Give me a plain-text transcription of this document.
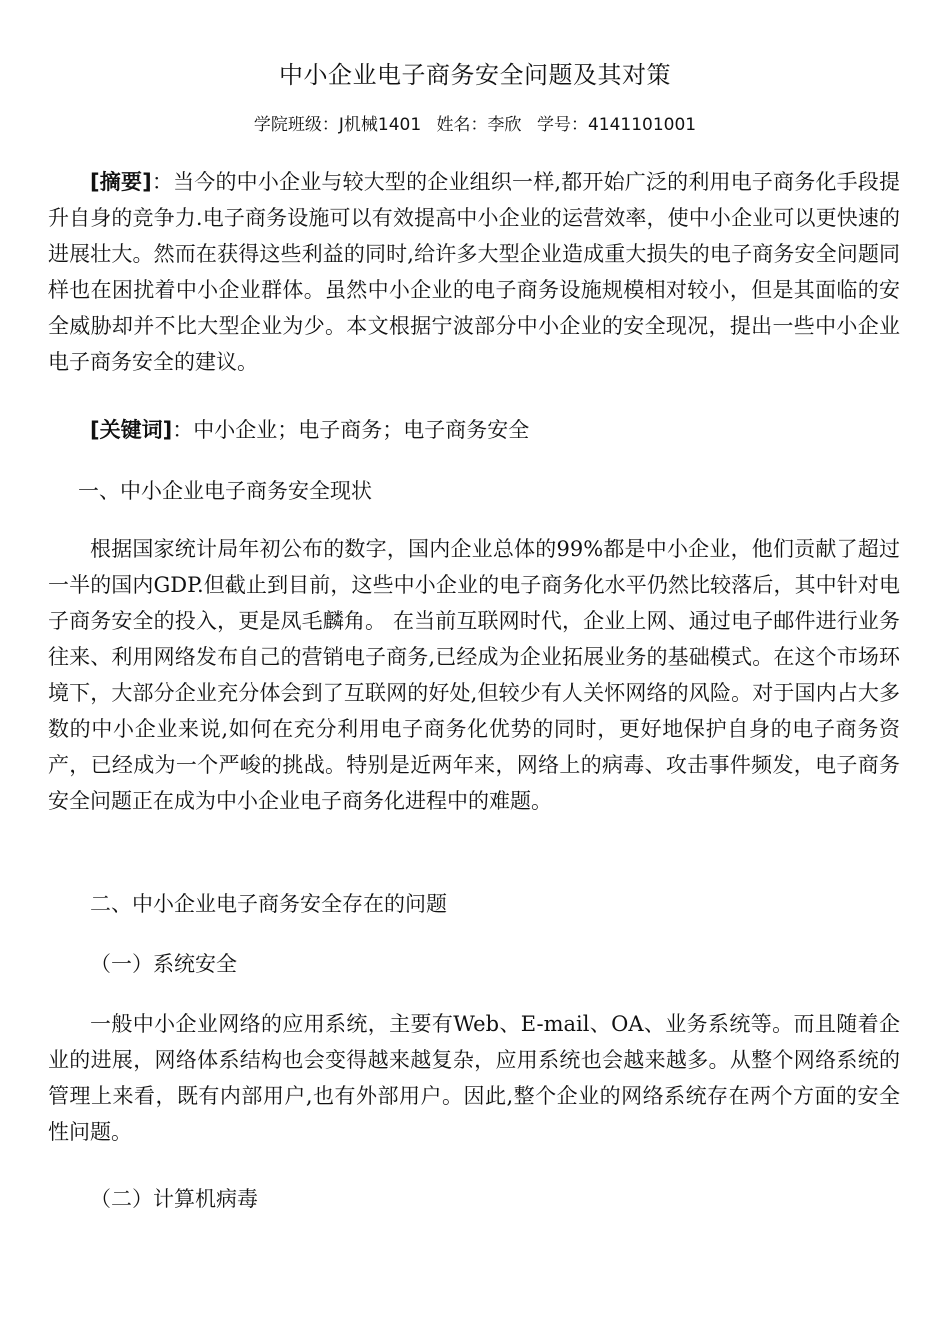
中小企业电子商务安全问题及其对策
学院班级：J机械1401 姓名：李欣 学号：4141101001
[摘要]：当今的中小企业与较大型的企业组织一样,都开始广泛的利用电子商务化手段提升自身的竞争力.电子商务设施可以有效提高中小企业的运营效率，使中小企业可以更快速的进展壮大。然而在获得这些利益的同时,给许多大型企业造成重大损失的电子商务安全问题同样也在困扰着中小企业群体。虽然中小企业的电子商务设施规模相对较小，但是其面临的安全威胁却并不比大型企业为少。本文根据宁波部分中小企业的安全现况，提出一些中小企业电子商务安全的建议。
[关键词]：中小企业；电子商务；电子商务安全
一、中小企业电子商务安全现状
根据国家统计局年初公布的数字，国内企业总体的99%都是中小企业，他们贡献了超过一半的国内GDP.但截止到目前，这些中小企业的电子商务化水平仍然比较落后，其中针对电子商务安全的投入，更是凤毛麟角。 在当前互联网时代，企业上网、通过电子邮件进行业务往来、利用网络发布自己的营销电子商务,已经成为企业拓展业务的基础模式。在这个市场环境下，大部分企业充分体会到了互联网的好处,但较少有人关怀网络的风险。对于国内占大多数的中小企业来说,如何在充分利用电子商务化优势的同时，更好地保护自身的电子商务资产，已经成为一个严峻的挑战。特别是近两年来，网络上的病毒、攻击事件频发，电子商务安全问题正在成为中小企业电子商务化进程中的难题。
二、中小企业电子商务安全存在的问题
（一）系统安全
一般中小企业网络的应用系统，主要有Web、E-mail、OA、业务系统等。而且随着企业的进展，网络体系结构也会变得越来越复杂，应用系统也会越来越多。从整个网络系统的管理上来看，既有内部用户,也有外部用户。因此,整个企业的网络系统存在两个方面的安全性问题。
（二）计算机病毒
